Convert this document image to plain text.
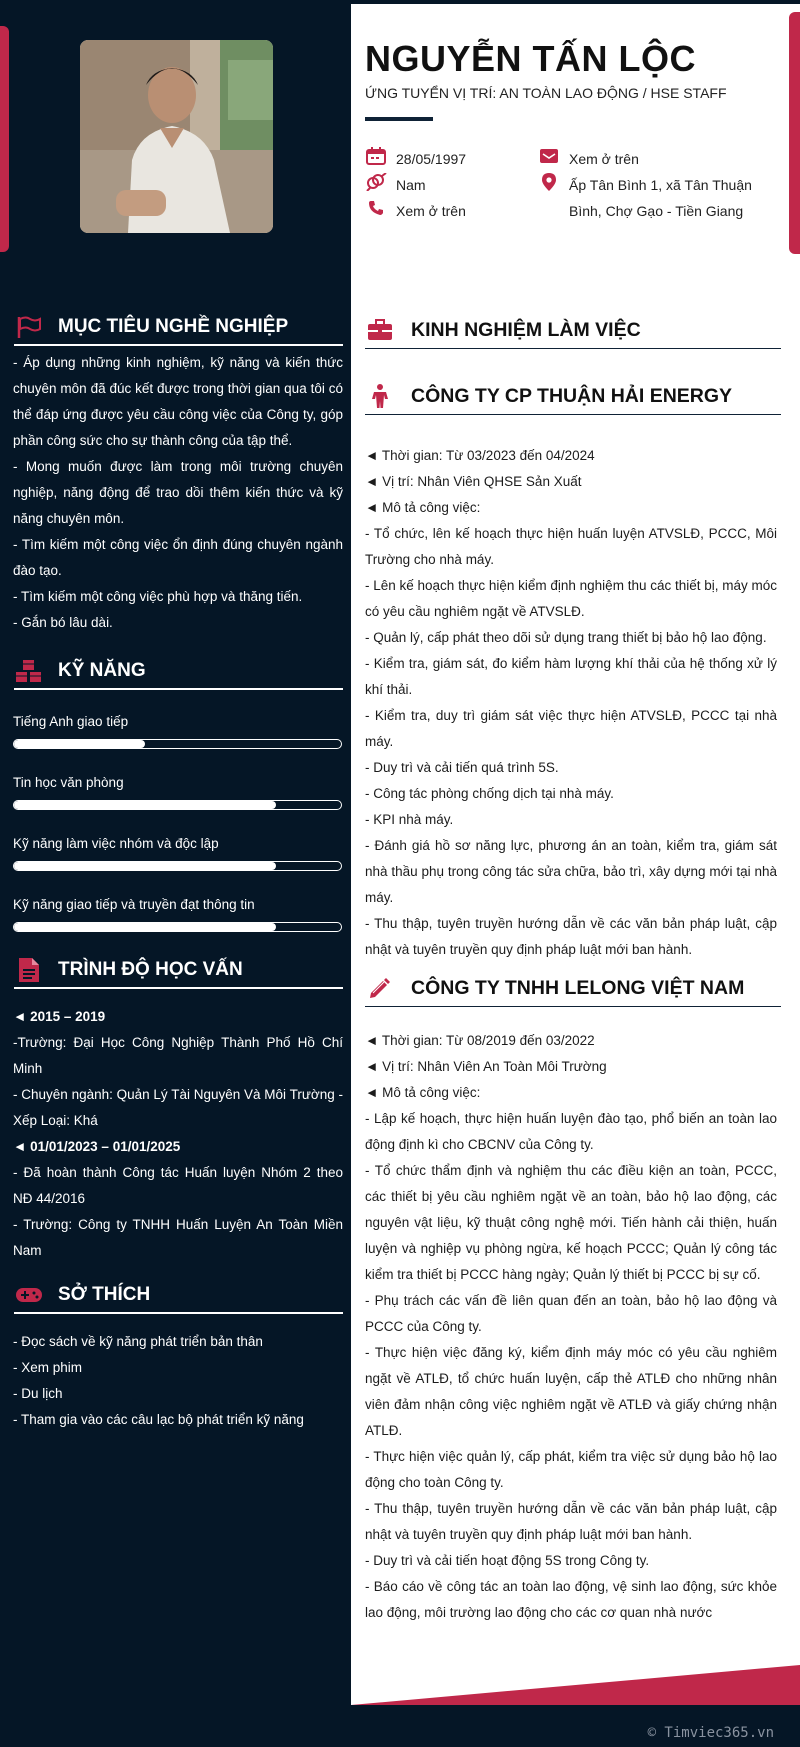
NGUYỄN TẤN LỘC
ỨNG TUYỂN VỊ TRÍ: AN TOÀN LAO ĐỘNG / HSE STAFF
28/05/1997
Nam
Xem ở trên
Xem ở trên
Ấp Tân Bình 1, xã Tân Thuận
Bình, Chợ Gạo - Tiền Giang
MỤC TIÊU NGHỀ NGHIỆP

- Áp dụng những kinh nghiệm, kỹ năng và kiến thức chuyên môn đã đúc kết được trong thời gian qua tôi có thể đáp ứng được yêu cầu công việc của Công ty, góp phần công sức cho sự thành công của tập thể.

- Mong muốn được làm trong môi trường chuyên nghiệp, năng động để trao dồi thêm kiến thức và kỹ năng chuyên môn.

- Tìm kiếm một công việc ổn định đúng chuyên ngành đào tạo.

- Tìm kiếm một công việc phù hợp và thăng tiến.

- Gắn bó lâu dài.

KỸ NĂNG
Tiếng Anh giao tiếp
Tin học văn phòng
Kỹ năng làm việc nhóm và độc lập
Kỹ năng giao tiếp và truyền đạt thông tin
TRÌNH ĐỘ HỌC VẤN

◄ 2015 – 2019

-Trường: Đại Học Công Nghiệp Thành Phố Hồ Chí Minh

- Chuyên ngành: Quản Lý Tài Nguyên Và Môi Trường - Xếp Loại: Khá

◄ 01/01/2023 – 01/01/2025

- Đã hoàn thành Công tác Huấn luyện Nhóm 2 theo NĐ 44/2016

- Trường: Công ty TNHH Huấn Luyện An Toàn Miền Nam

SỞ THÍCH

- Đọc sách về kỹ năng phát triển bản thân

- Xem phim

- Du lịch

- Tham gia vào các câu lạc bộ phát triển kỹ năng

KINH NGHIỆM LÀM VIỆC
CÔNG TY CP THUẬN HẢI ENERGY

◄ Thời gian: Từ 03/2023 đến 04/2024

◄ Vị trí: Nhân Viên QHSE Sản Xuất

◄ Mô tả công việc:

- Tổ chức, lên kế hoạch thực hiện huấn luyện ATVSLĐ, PCCC, Môi Trường cho nhà máy.

- Lên kế hoạch thực hiện kiểm định nghiệm thu các thiết bị, máy móc có yêu cầu nghiêm ngặt về ATVSLĐ.

- Quản lý, cấp phát theo dõi sử dụng trang thiết bị bảo hộ lao động.

- Kiểm tra, giám sát, đo kiểm hàm lượng khí thải của hệ thống xử lý khí thải.

- Kiểm tra, duy trì giám sát việc thực hiện ATVSLĐ, PCCC tại nhà máy.

- Duy trì và cải tiến quá trình 5S.

- Công tác phòng chống dịch tại nhà máy.

- KPI nhà máy.

- Đánh giá hồ sơ năng lực, phương án an toàn, kiểm tra, giám sát nhà thầu phụ trong công tác sửa chữa, bảo trì, xây dựng mới tại nhà máy.

- Thu thập, tuyên truyền hướng dẫn về các văn bản pháp luật, cập nhật và tuyên truyền quy định pháp luật mới ban hành.

CÔNG TY TNHH LELONG VIỆT NAM

◄ Thời gian: Từ 08/2019 đến 03/2022

◄ Vị trí: Nhân Viên An Toàn Môi Trường

◄ Mô tả công việc:

- Lập kế hoạch, thực hiện huấn luyện đào tạo, phổ biến an toàn lao động định kì cho CBCNV của Công ty.

- Tổ chức thẩm định và nghiệm thu các điều kiện an toàn, PCCC, các thiết bị yêu cầu nghiêm ngặt về an toàn, bảo hộ lao động, các nguyên vật liệu, kỹ thuật công nghệ mới. Tiến hành cải thiện, huấn luyện và nghiệp vụ phòng ngừa, kế hoạch PCCC; Quản lý công tác kiểm tra thiết bị PCCC hàng ngày; Quản lý thiết bị PCCC bị sự cố.

- Phụ trách các vấn đề liên quan đến an toàn, bảo hộ lao động và PCCC của Công ty.

- Thực hiện việc đăng ký, kiểm định máy móc có yêu cầu nghiêm ngặt về ATLĐ, tổ chức huấn luyện, cấp thẻ ATLĐ cho những nhân viên đảm nhận công việc nghiêm ngặt về ATLĐ và giấy chứng nhận ATLĐ.

- Thực hiện việc quản lý, cấp phát, kiểm tra việc sử dụng bảo hộ lao động cho toàn Công ty.

- Thu thập, tuyên truyền hướng dẫn về các văn bản pháp luật, cập nhật và tuyên truyền quy định pháp luật mới ban hành.

- Duy trì và cải tiến hoạt động 5S trong Công ty.

- Báo cáo về công tác an toàn lao động, vệ sinh lao động, sức khỏe lao động, môi trường lao động cho các cơ quan nhà nước

© Timviec365.vn
